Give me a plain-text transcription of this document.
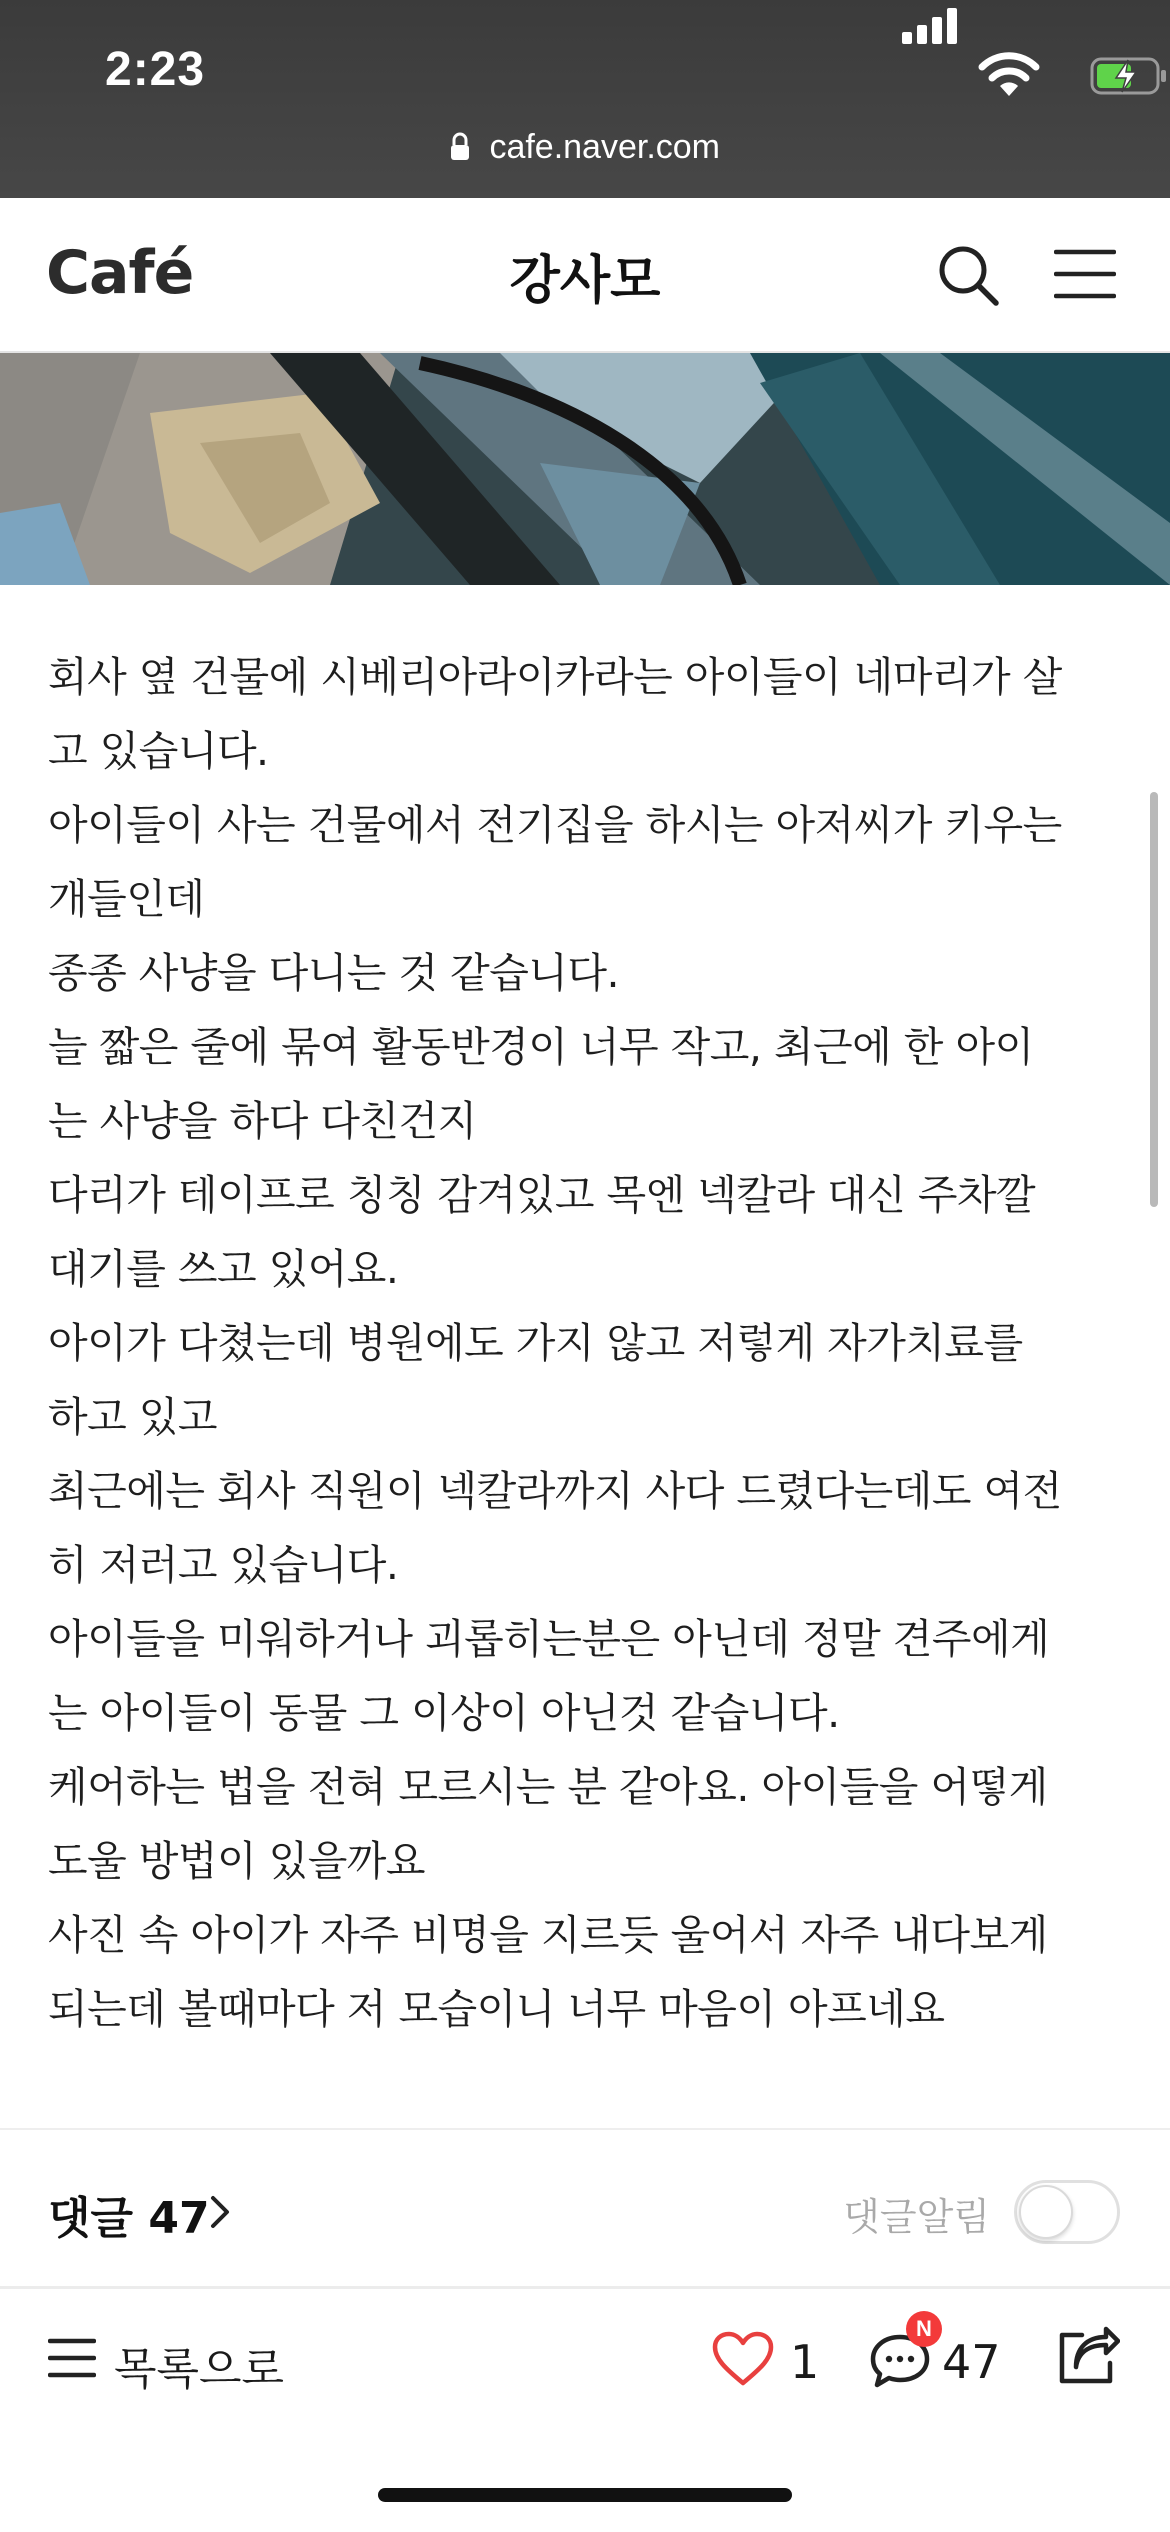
2:23
cafe.naver.com
Café	강사모
회사 옆 건물에 시베리아라이카라는 아이들이 네마리가 살
고 있습니다.
아이들이 사는 건물에서 전기집을 하시는 아저씨가 키우는
개들인데
종종 사냥을 다니는 것 같습니다.
늘 짧은 줄에 묶여 활동반경이 너무 작고, 최근에 한 아이
는 사냥을 하다 다친건지
다리가 테이프로 칭칭 감겨있고 목엔 넥칼라 대신 주차깔
대기를 쓰고 있어요.
아이가 다쳤는데 병원에도 가지 않고 저렇게 자가치료를
하고 있고
최근에는 회사 직원이 넥칼라까지 사다 드렸다는데도 여전
히 저러고 있습니다.
아이들을 미워하거나 괴롭히는분은 아닌데 정말 견주에게
는 아이들이 동물 그 이상이 아닌것 같습니다.
케어하는 법을 전혀 모르시는 분 같아요. 아이들을 어떻게
도울 방법이 있을까요
사진 속 아이가 자주 비명을 지르듯 울어서 자주 내다보게
되는데 볼때마다 저 모습이니 너무 마음이 아프네요
댓글 47	댓글알림
목록으로	1
N
47
